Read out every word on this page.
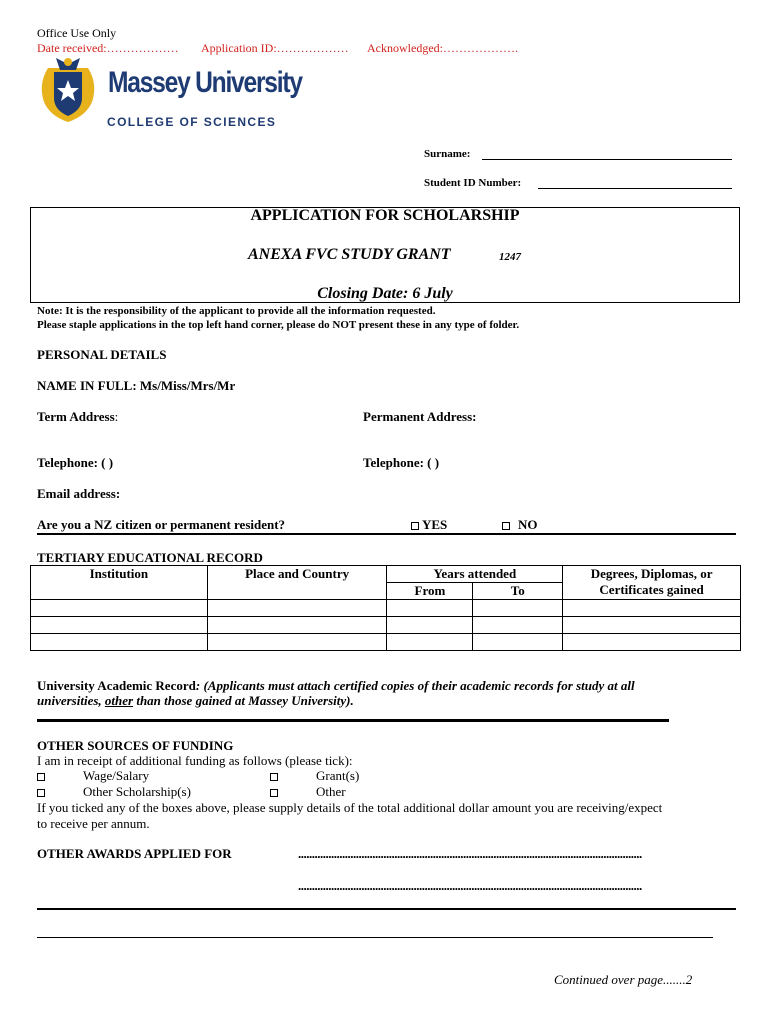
Office Use Only
Date received:……………… Application ID:……………… Acknowledged:……………….
Massey University
COLLEGE OF SCIENCES
Surname:
Student ID Number:
APPLICATION FOR SCHOLARSHIP
ANEXA FVC STUDY GRANT	1247
Closing Date: 6 July
Note: It is the responsibility of the applicant to provide all the information requested.
Please staple applications in the top left hand corner, please do NOT present these in any type of folder.
PERSONAL DETAILS
NAME IN FULL: Ms/Miss/Mrs/Mr
Term Address:	Permanent Address:
Telephone: ( )	Telephone: ( )
Email address:
Are you a NZ citizen or permanent resident?	YES	NO
TERTIARY EDUCATIONAL RECORD
Institution	Place and Country	Years attended		Degrees, Diplomas, or
Certificates gained
		From	To	

University Academic Record: (Applicants must attach certified copies of their academic records for study at all
universities, other than those gained at Massey University).
OTHER SOURCES OF FUNDING
I am in receipt of additional funding as follows (please tick):
Wage/Salary	Grant(s)
Other Scholarship(s)	Other
If you ticked any of the boxes above, please supply details of the total additional dollar amount you are receiving/expect
to receive per annum.
OTHER AWARDS APPLIED FOR	.............................................................................................................................
.............................................................................................................................
Continued over page.......2
